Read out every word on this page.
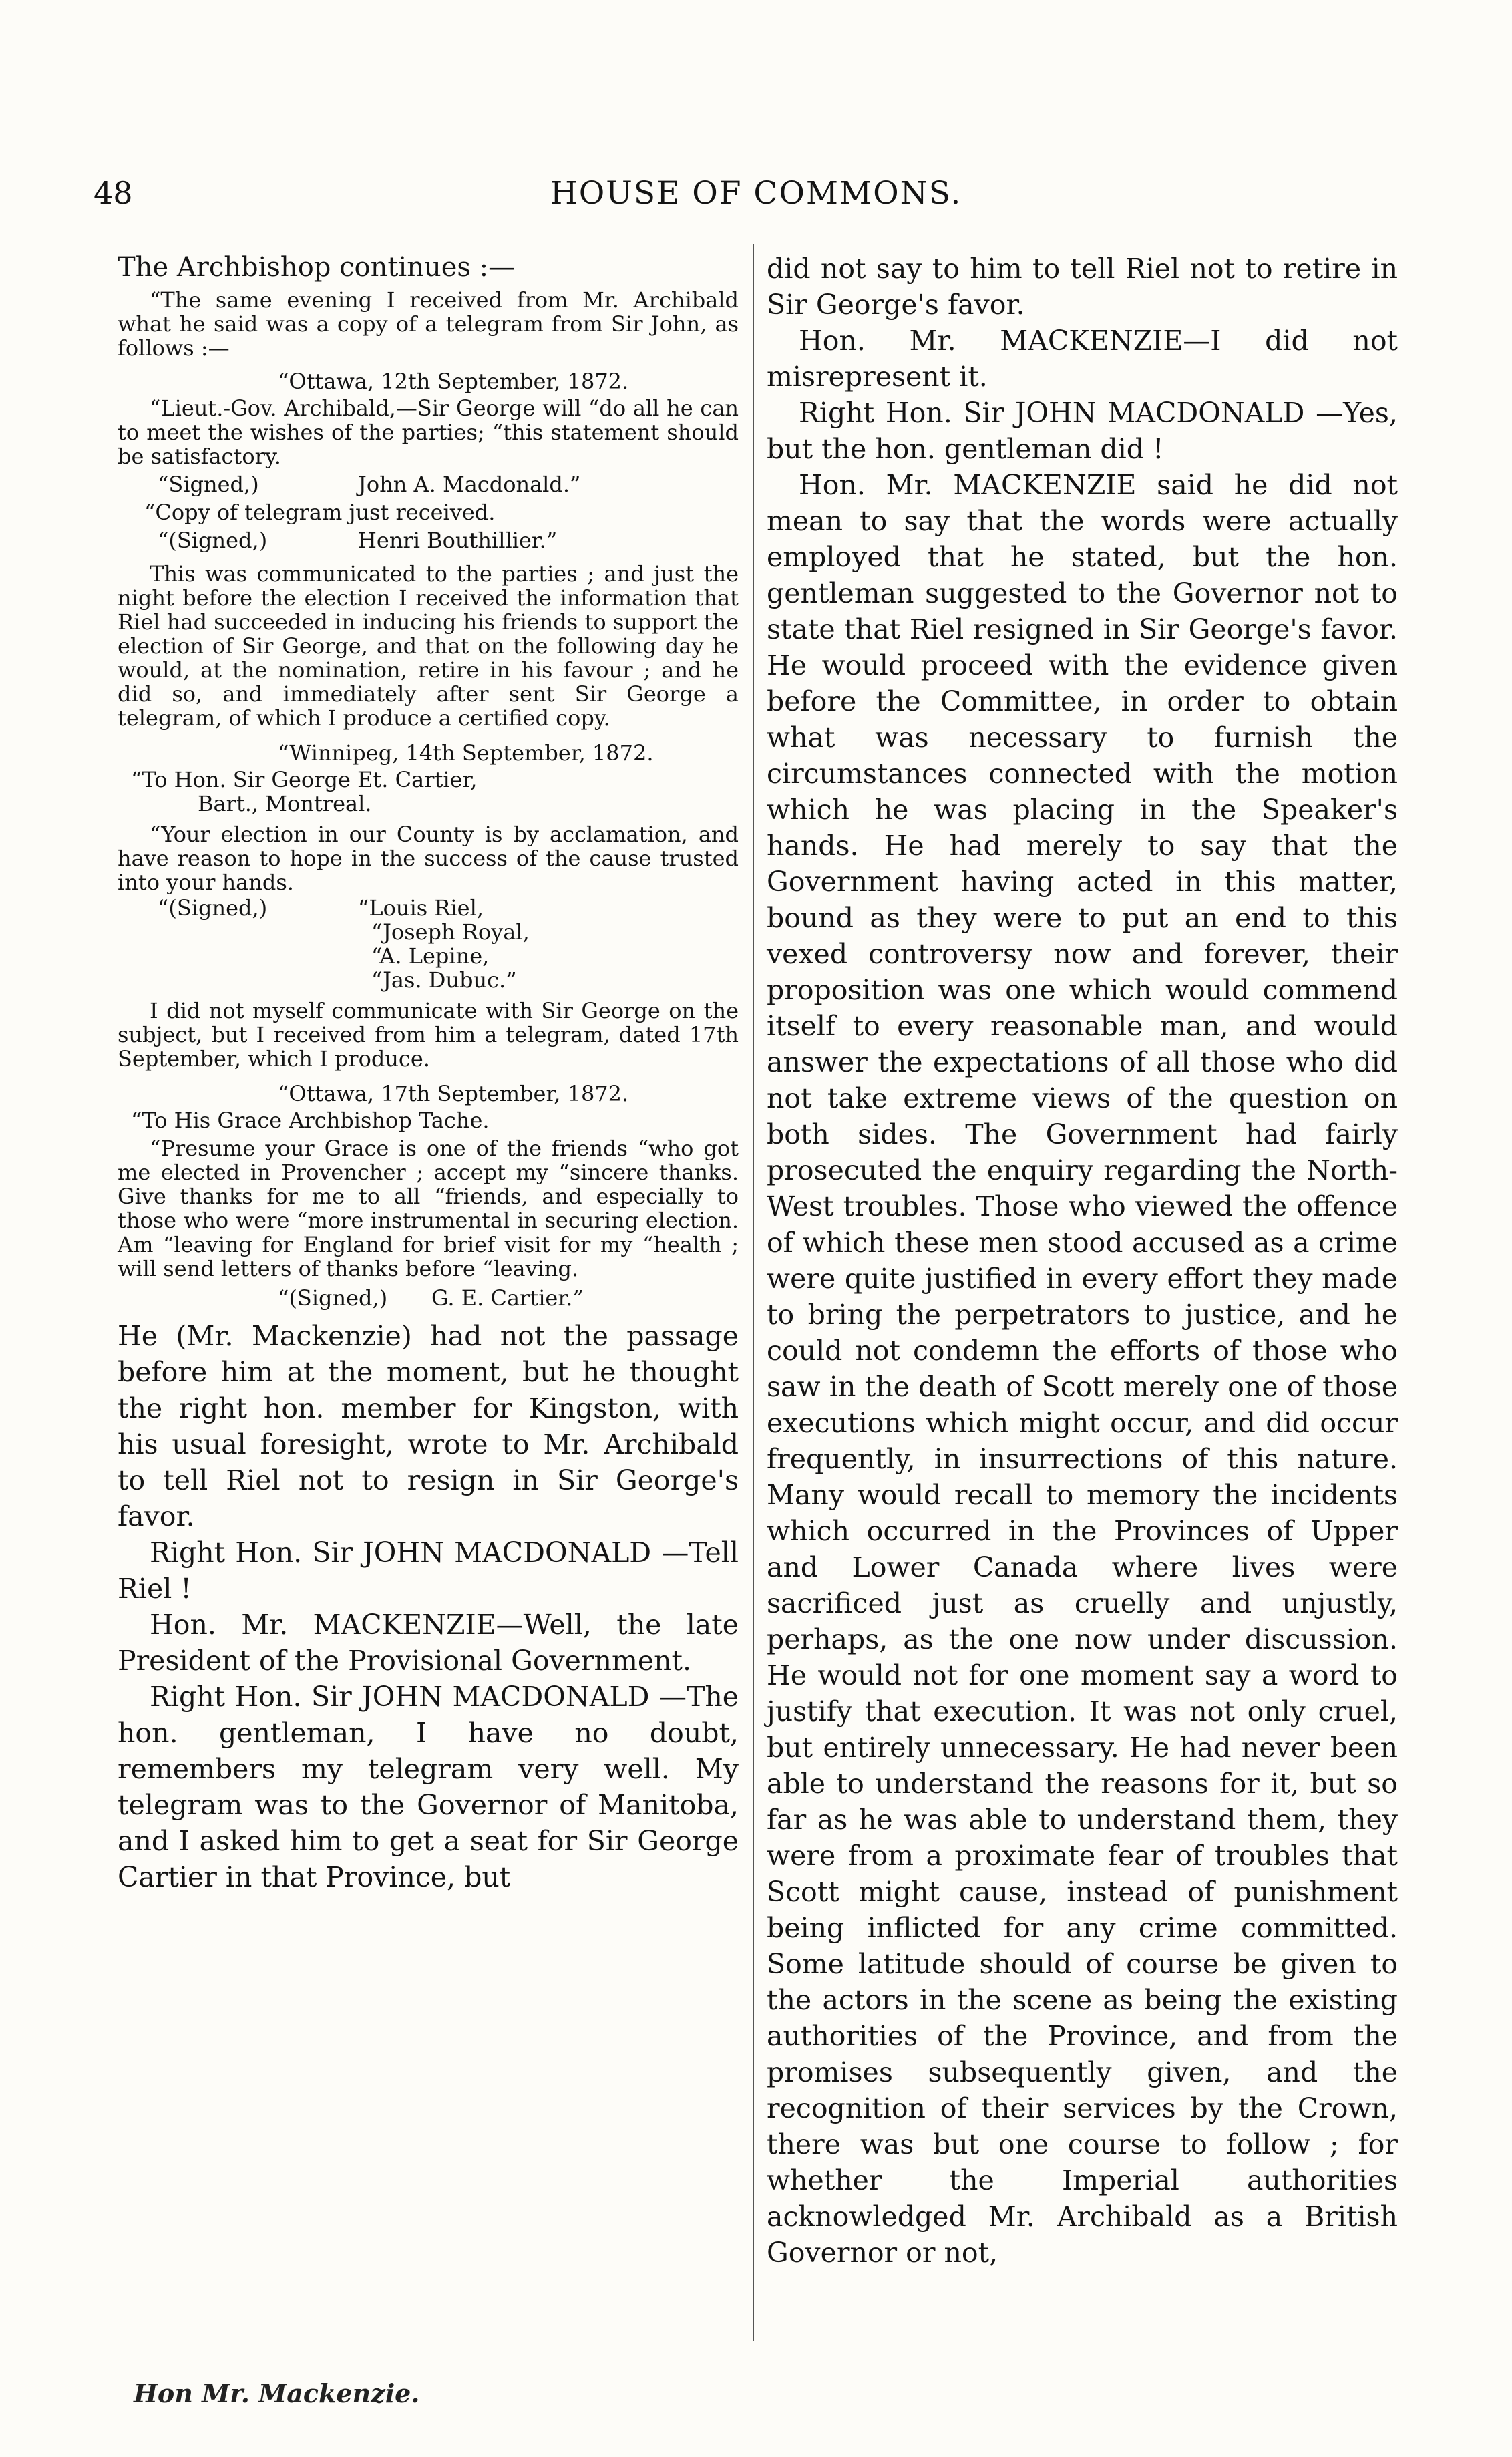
48	HOUSE OF COMMONS.

The Archbishop continues :—

“The same evening I received from Mr. Archibald what he said was a copy of a telegram from Sir John, as follows :—

“Ottawa, 12th September, 1872.

“Lieut.-Gov. Archibald,—Sir George will “do all he can to meet the wishes of the parties; “this statement should be satisfactory.

“Signed,)	John A. Macdonald.”

“Copy of telegram just received.

“(Signed,)	Henri Bouthillier.”

This was communicated to the parties ; and just the night before the election I received the information that Riel had succeeded in inducing his friends to support the election of Sir George, and that on the following day he would, at the nomination, retire in his favour ; and he did so, and immediately after sent Sir George a telegram, of which I produce a certified copy.

“Winnipeg, 14th September, 1872.

“To Hon. Sir George Et. Cartier,

Bart., Montreal.

“Your election in our County is by acclamation, and have reason to hope in the success of the cause trusted into your hands.

“(Signed,)	“Louis Riel,
“Joseph Royal,
“A. Lepine,
“Jas. Dubuc.”

I did not myself communicate with Sir George on the subject, but I received from him a telegram, dated 17th September, which I produce.

“Ottawa, 17th September, 1872.

“To His Grace Archbishop Tache.

“Presume your Grace is one of the friends “who got me elected in Provencher ; accept my “sincere thanks. Give thanks for me to all “friends, and especially to those who were “more instrumental in securing election. Am “leaving for England for brief visit for my “health ; will send letters of thanks before “leaving.

“(Signed,) G. E. Cartier.”

He (Mr. Mackenzie) had not the passage before him at the moment, but he thought the right hon. member for Kingston, with his usual foresight, wrote to Mr. Archibald to tell Riel not to resign in Sir George's favor.

Right Hon. Sir JOHN MACDONALD —Tell Riel !

Hon. Mr. MACKENZIE—Well, the late President of the Provisional Government.

Right Hon. Sir JOHN MACDONALD —The hon. gentleman, I have no doubt, remembers my telegram very well. My telegram was to the Governor of Manitoba, and I asked him to get a seat for Sir George Cartier in that Province, but

did not say to him to tell Riel not to retire in Sir George's favor.

Hon. Mr. MACKENZIE—I did not misrepresent it.

Right Hon. Sir JOHN MACDONALD —Yes, but the hon. gentleman did !

Hon. Mr. MACKENZIE said he did not mean to say that the words were actually employed that he stated, but the hon. gentleman suggested to the Governor not to state that Riel resigned in Sir George's favor. He would proceed with the evidence given before the Committee, in order to obtain what was necessary to furnish the circumstances connected with the motion which he was placing in the Speaker's hands. He had merely to say that the Government having acted in this matter, bound as they were to put an end to this vexed controversy now and forever, their proposition was one which would commend itself to every reasonable man, and would answer the expectations of all those who did not take extreme views of the question on both sides. The Government had fairly prosecuted the enquiry regarding the North-West troubles. Those who viewed the offence of which these men stood accused as a crime were quite justified in every effort they made to bring the perpetrators to justice, and he could not condemn the efforts of those who saw in the death of Scott merely one of those executions which might occur, and did occur frequently, in insurrections of this nature. Many would recall to memory the incidents which occurred in the Provinces of Upper and Lower Canada where lives were sacrificed just as cruelly and unjustly, perhaps, as the one now under discussion. He would not for one moment say a word to justify that execution. It was not only cruel, but entirely unnecessary. He had never been able to understand the reasons for it, but so far as he was able to understand them, they were from a proximate fear of troubles that Scott might cause, instead of punishment being inflicted for any crime committed. Some latitude should of course be given to the actors in the scene as being the existing authorities of the Province, and from the promises subsequently given, and the recognition of their services by the Crown, there was but one course to follow ; for whether the Imperial authorities acknowledged Mr. Archibald as a British Governor or not,

Hon Mr. Mackenzie.
